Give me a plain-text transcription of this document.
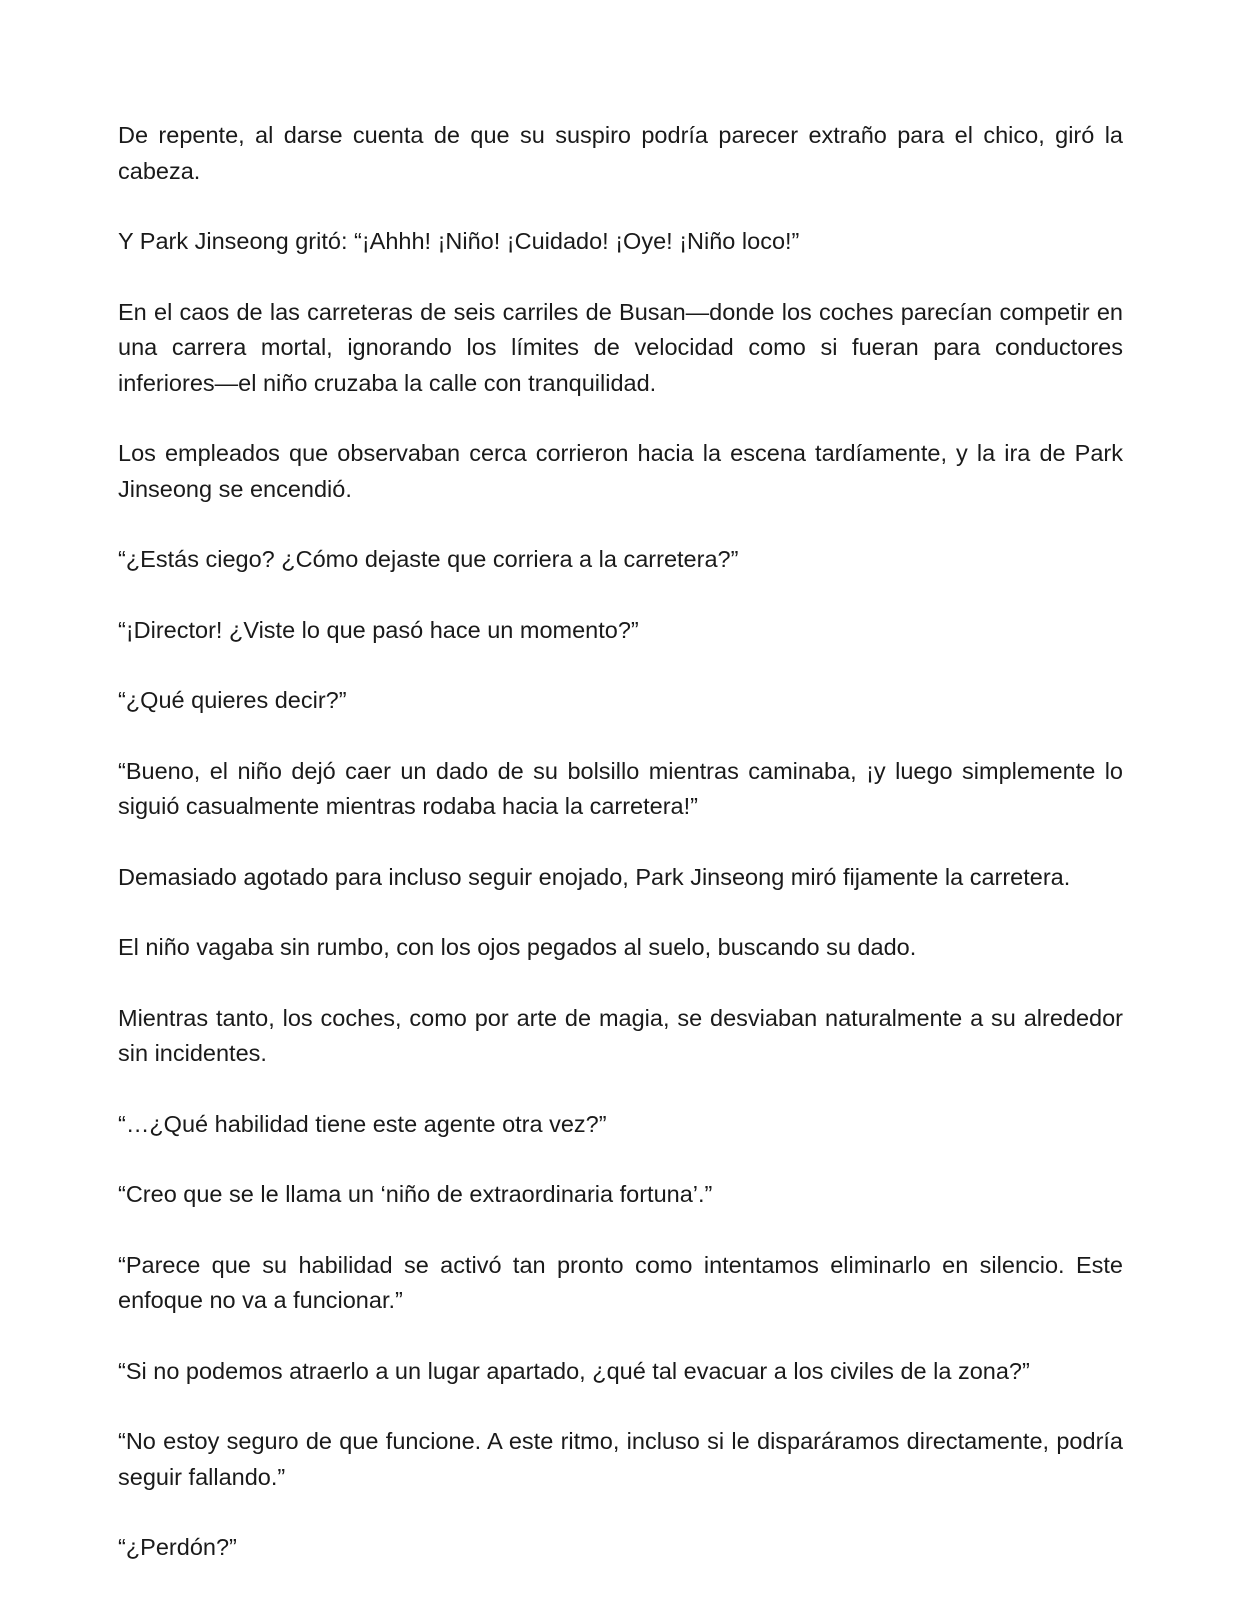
De repente, al darse cuenta de que su suspiro podría parecer extraño para el chico, giró la cabeza.

Y Park Jinseong gritó: “¡Ahhh! ¡Niño! ¡Cuidado! ¡Oye! ¡Niño loco!”

En el caos de las carreteras de seis carriles de Busan—donde los coches parecían competir en una carrera mortal, ignorando los límites de velocidad como si fueran para conductores inferiores—el niño cruzaba la calle con tranquilidad.

Los empleados que observaban cerca corrieron hacia la escena tardíamente, y la ira de Park Jinseong se encendió.

“¿Estás ciego? ¿Cómo dejaste que corriera a la carretera?”

“¡Director! ¿Viste lo que pasó hace un momento?”

“¿Qué quieres decir?”

“Bueno, el niño dejó caer un dado de su bolsillo mientras caminaba, ¡y luego simplemente lo siguió casualmente mientras rodaba hacia la carretera!”

Demasiado agotado para incluso seguir enojado, Park Jinseong miró fijamente la carretera.

El niño vagaba sin rumbo, con los ojos pegados al suelo, buscando su dado.

Mientras tanto, los coches, como por arte de magia, se desviaban naturalmente a su alrededor sin incidentes.

“…¿Qué habilidad tiene este agente otra vez?”

“Creo que se le llama un ‘niño de extraordinaria fortuna’.”

“Parece que su habilidad se activó tan pronto como intentamos eliminarlo en silencio. Este enfoque no va a funcionar.”

“Si no podemos atraerlo a un lugar apartado, ¿qué tal evacuar a los civiles de la zona?”

“No estoy seguro de que funcione. A este ritmo, incluso si le disparáramos directamente, podría seguir fallando.”

“¿Perdón?”
